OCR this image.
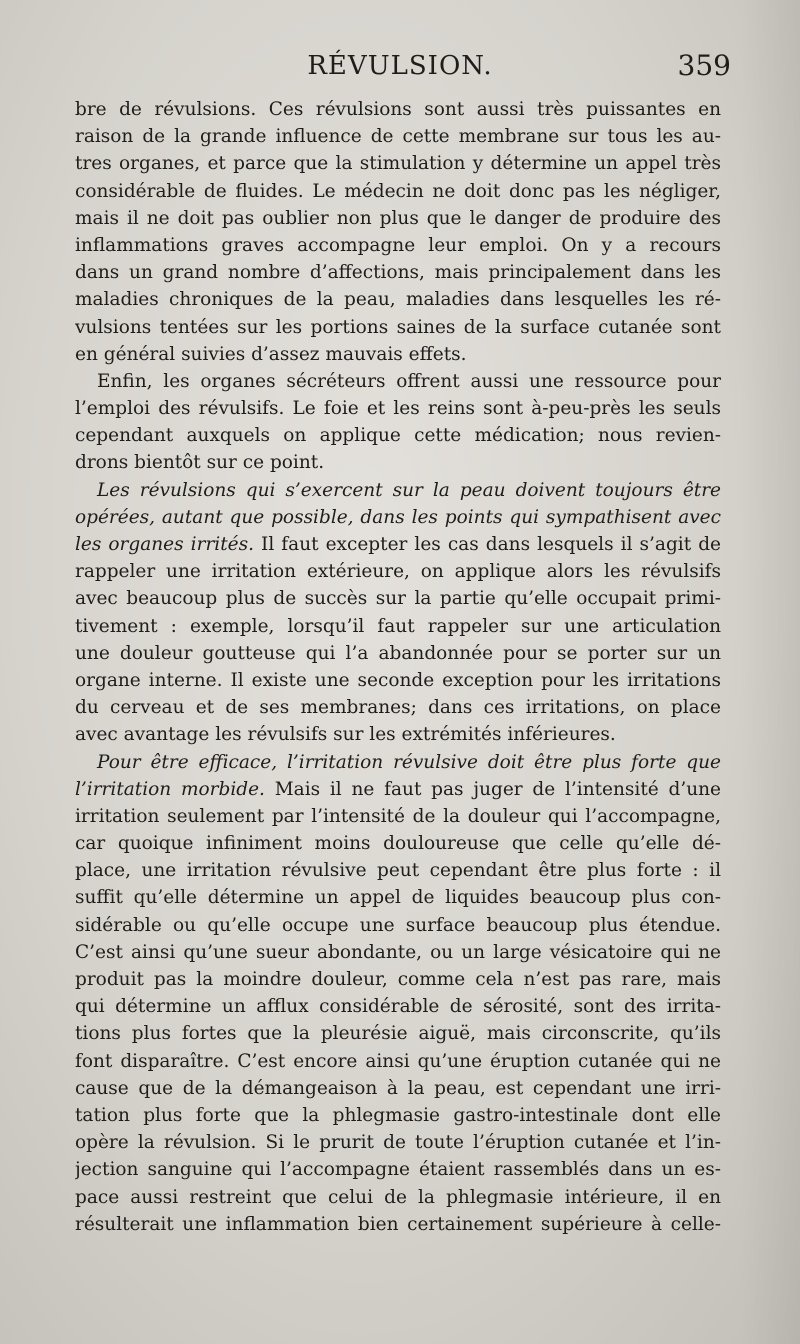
RÉVULSION.	359
bre de révulsions. Ces révulsions sont aussi très puissantes en
raison de la grande influence de cette membrane sur tous les au-
tres organes, et parce que la stimulation y détermine un appel très
considérable de fluides. Le médecin ne doit donc pas les négliger,
mais il ne doit pas oublier non plus que le danger de produire des
inflammations graves accompagne leur emploi. On y a recours
dans un grand nombre d’affections, mais principalement dans les
maladies chroniques de la peau, maladies dans lesquelles les ré-
vulsions tentées sur les portions saines de la surface cutanée sont
en général suivies d’assez mauvais effets.
Enfin, les organes sécréteurs offrent aussi une ressource pour
l’emploi des révulsifs. Le foie et les reins sont à-peu-près les seuls
cependant auxquels on applique cette médication; nous revien-
drons bientôt sur ce point.
Les révulsions qui s’exercent sur la peau doivent toujours être
opérées, autant que possible, dans les points qui sympathisent avec
les organes irrités. Il faut excepter les cas dans lesquels il s’agit de
rappeler une irritation extérieure, on applique alors les révulsifs
avec beaucoup plus de succès sur la partie qu’elle occupait primi-
tivement : exemple, lorsqu’il faut rappeler sur une articulation
une douleur goutteuse qui l’a abandonnée pour se porter sur un
organe interne. Il existe une seconde exception pour les irritations
du cerveau et de ses membranes; dans ces irritations, on place
avec avantage les révulsifs sur les extrémités inférieures.
Pour être efficace, l’irritation révulsive doit être plus forte que
l’irritation morbide. Mais il ne faut pas juger de l’intensité d’une
irritation seulement par l’intensité de la douleur qui l’accompagne,
car quoique infiniment moins douloureuse que celle qu’elle dé-
place, une irritation révulsive peut cependant être plus forte : il
suffit qu’elle détermine un appel de liquides beaucoup plus con-
sidérable ou qu’elle occupe une surface beaucoup plus étendue.
C’est ainsi qu’une sueur abondante, ou un large vésicatoire qui ne
produit pas la moindre douleur, comme cela n’est pas rare, mais
qui détermine un afflux considérable de sérosité, sont des irrita-
tions plus fortes que la pleurésie aiguë, mais circonscrite, qu’ils
font disparaître. C’est encore ainsi qu’une éruption cutanée qui ne
cause que de la démangeaison à la peau, est cependant une irri-
tation plus forte que la phlegmasie gastro-intestinale dont elle
opère la révulsion. Si le prurit de toute l’éruption cutanée et l’in-
jection sanguine qui l’accompagne étaient rassemblés dans un es-
pace aussi restreint que celui de la phlegmasie intérieure, il en
résulterait une inflammation bien certainement supérieure à celle-
